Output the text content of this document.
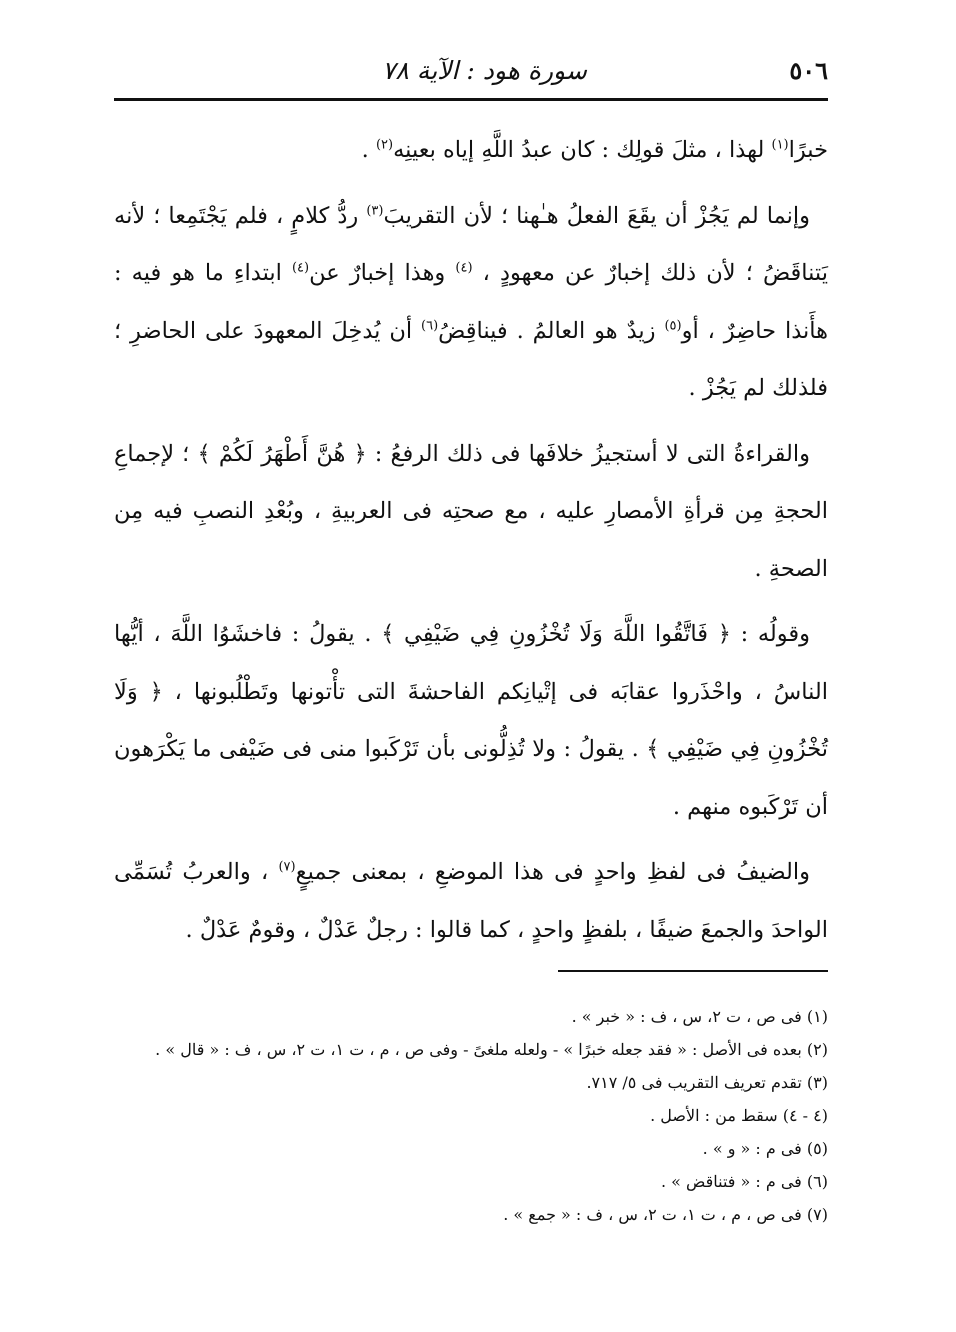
٥٠٦
سورة هود : الآية ٧٨

خبرًا$^{(١)}$ لهذا ، مثلَ قولِك : كان عبدُ اللَّهِ إياه بعينِه$^{(٢)}$ .

وإنما لم يَجُزْ أن يقَعَ الفعلُ هـٰهنا ؛ لأن التقريبَ$^{(٣)}$ ردُّ كلامٍ ، فلم يَجْتَمِعا ؛ لأنه يَتناقَضُ ؛ لأن ذلك إخبارٌ عن معهودٍ ، $^{(٤)}$ وهذا إخبارٌ عن$^{(٤)}$ ابتداءِ ما هو فيه : هأَنذا حاضِرٌ ، أو$^{(٥)}$ زيدٌ هو العالمُ . فيناقِضُ$^{(٦)}$ أن يُدخِلَ المعهودَ على الحاضرِ ؛ فلذلك لم يَجُزْ .

والقراءةُ التى لا أستجيزُ خلافَها فى ذلك الرفعُ : ﴿ هُنَّ أَطْهَرُ لَكُمْ ﴾ ؛ لإجماعِ الحجةِ مِن قرأةِ الأمصارِ عليه ، مع صحتِه فى العربيةِ ، وبُعْدِ النصبِ فيه مِن الصحةِ .

وقولُه : ﴿ فَاتَّقُوا اللَّهَ وَلَا تُخْزُونِ فِي ضَيْفِي ﴾ . يقولُ : فاخشَوُا اللَّهَ ، أيُّها الناسُ ، واحْذَروا عقابَه فى إتْيانِكم الفاحشةَ التى تأْتونها وتَطْلُبونها ، ﴿ وَلَا تُخْزُونِ فِي ضَيْفِي ﴾ . يقولُ : ولا تُذِلُّونى بأن تَرْكَبوا منى فى ضَيْفى ما يَكْرَهون أن تَرْكَبوه منهم .

والضيفُ فى لفظِ واحدٍ فى هذا الموضعِ ، بمعنى جميعٍ$^{(٧)}$ ، والعربُ تُسَمِّى الواحدَ والجمعَ ضيفًا ، بلفظٍ واحدٍ ، كما قالوا : رجلٌ عَدْلٌ ، وقومٌ عَدْلٌ .

(١) فى ص ، ت ٢، س ، ف : « خبر » .

(٢) بعده فى الأصل : « فقد جعله خبرًا » - ولعله ملغىً - وفى ص ، م ، ت ١، ت ٢، س ، ف : « قال » .

(٣) تقدم تعريف التقريب فى ٥/ ٧١٧.

(٤ - ٤) سقط من : الأصل .

(٥) فى م : « و » .

(٦) فى م : « فتناقض » .

(٧) فى ص ، م ، ت ١، ت ٢، س ، ف : « جمع » .
